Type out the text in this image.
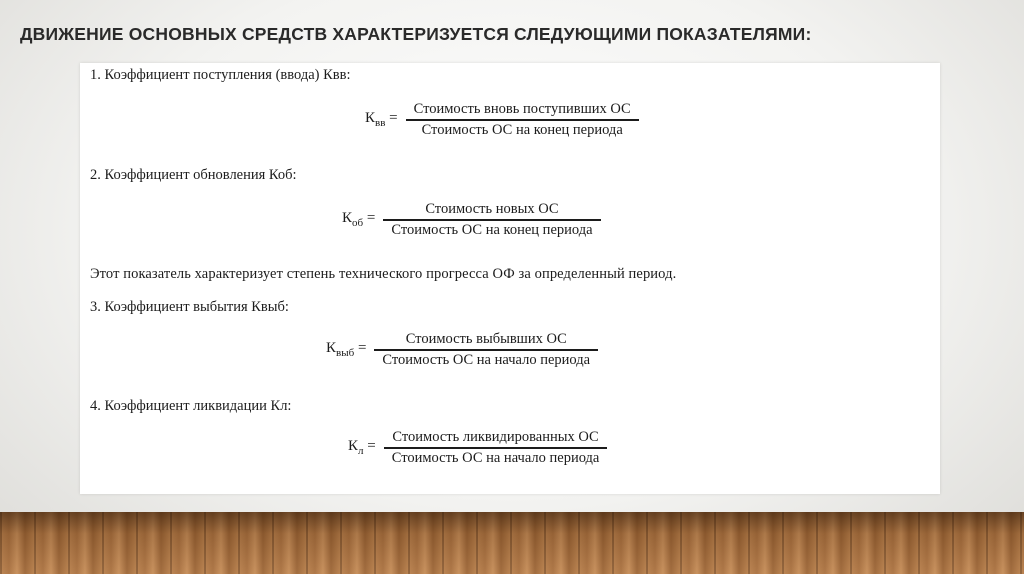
ДВИЖЕНИЕ ОСНОВНЫХ СРЕДСТВ ХАРАКТЕРИЗУЕТСЯ СЛЕДУЮЩИМИ ПОКАЗАТЕЛЯМИ:
1. Коэффициент поступления (ввода) Квв:
$К_{вв} = \frac{\text{Стоимость вновь поступивших ОС}}{\text{Стоимость ОС на конец периода}}$
2. Коэффициент обновления Коб:
$К_{об} = \frac{\text{Стоимость новых ОС}}{\text{Стоимость ОС на конец периода}}$
Этот показатель характеризует степень технического прогресса ОФ за определенный период.
3. Коэффициент выбытия Квыб:
$К_{выб} = \frac{\text{Стоимость выбывших ОС}}{\text{Стоимость ОС на начало периода}}$
4. Коэффициент ликвидации Кл:
$К_л = \frac{\text{Стоимость ликвидированных ОС}}{\text{Стоимость ОС на начало периода}}$
